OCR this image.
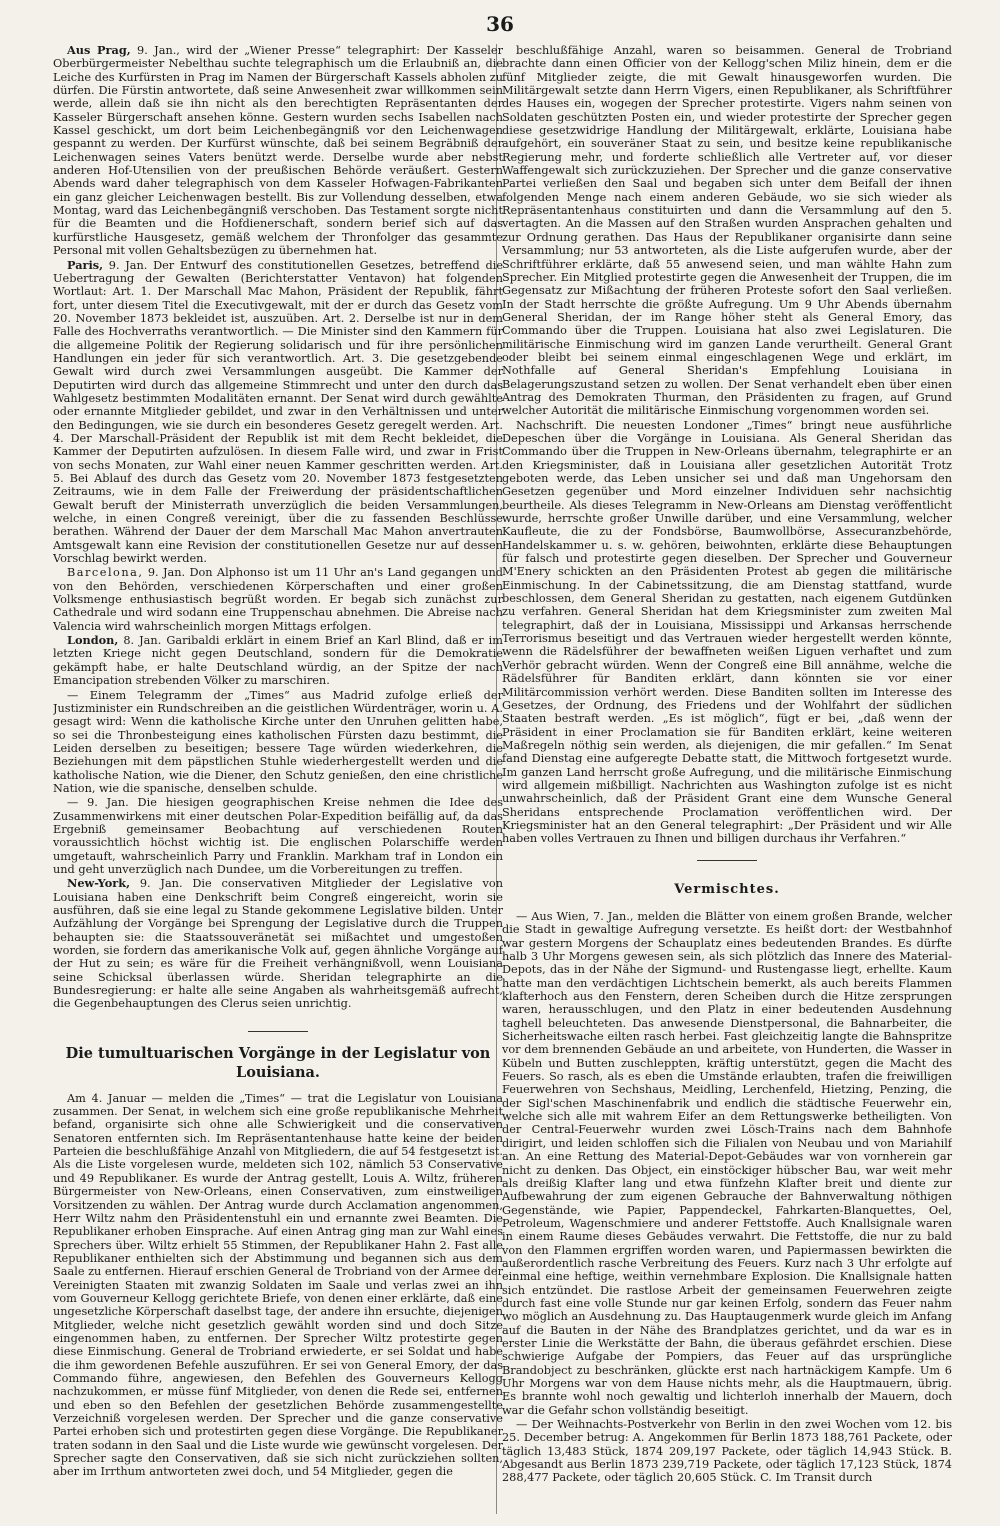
36

Aus Prag, 9. Jan., wird der „Wiener Presse“ telegraphirt: Der Kasseler Oberbürgermeister Nebelthau suchte telegraphisch um die Erlaubniß an, die Leiche des Kurfürsten in Prag im Namen der Bürgerschaft Kassels abholen zu dürfen. Die Fürstin antwortete, daß seine Anwesenheit zwar willkommen sein werde, allein daß sie ihn nicht als den berechtigten Repräsentanten der Kasseler Bürgerschaft ansehen könne. Gestern wurden sechs Isabellen nach Kassel geschickt, um dort beim Leichenbegängniß vor den Leichenwagen gespannt zu werden. Der Kurfürst wünschte, daß bei seinem Begräbniß der Leichenwagen seines Vaters benützt werde. Derselbe wurde aber nebst anderen Hof-Utensilien von der preußischen Behörde veräußert. Gestern Abends ward daher telegraphisch von dem Kasseler Hofwagen-Fabrikanten ein ganz gleicher Leichenwagen bestellt. Bis zur Vollendung desselben, etwa Montag, ward das Leichenbegängniß verschoben. Das Testament sorgte nicht für die Beamten und die Hofdienerschaft, sondern berief sich auf das kurfürstliche Hausgesetz, gemäß welchem der Thronfolger das gesammte Personal mit vollen Gehaltsbezügen zu übernehmen hat.

Paris, 9. Jan. Der Entwurf des constitutionellen Gesetzes, betreffend die Uebertragung der Gewalten (Berichterstatter Ventavon) hat folgenden Wortlaut: Art. 1. Der Marschall Mac Mahon, Präsident der Republik, fährt fort, unter diesem Titel die Executivgewalt, mit der er durch das Gesetz vom 20. November 1873 bekleidet ist, auszuüben. Art. 2. Derselbe ist nur in dem Falle des Hochverraths verantwortlich. — Die Minister sind den Kammern für die allgemeine Politik der Regierung solidarisch und für ihre persönlichen Handlungen ein jeder für sich verantwortlich. Art. 3. Die gesetzgebende Gewalt wird durch zwei Versammlungen ausgeübt. Die Kammer der Deputirten wird durch das allgemeine Stimmrecht und unter den durch das Wahlgesetz bestimmten Modalitäten ernannt. Der Senat wird durch gewählte oder ernannte Mitglieder gebildet, und zwar in den Verhältnissen und unter den Bedingungen, wie sie durch ein besonderes Gesetz geregelt werden. Art. 4. Der Marschall-Präsident der Republik ist mit dem Recht bekleidet, die Kammer der Deputirten aufzulösen. In diesem Falle wird, und zwar in Frist von sechs Monaten, zur Wahl einer neuen Kammer geschritten werden. Art. 5. Bei Ablauf des durch das Gesetz vom 20. November 1873 festgesetzten Zeitraums, wie in dem Falle der Freiwerdung der präsidentschaftlichen Gewalt beruft der Ministerrath unverzüglich die beiden Versammlungen, welche, in einen Congreß vereinigt, über die zu fassenden Beschlüsse berathen. Während der Dauer der dem Marschall Mac Mahon anvertrauten Amtsgewalt kann eine Revision der constitutionellen Gesetze nur auf dessen Vorschlag bewirkt werden.

Barcelona, 9. Jan. Don Alphonso ist um 11 Uhr an's Land gegangen und von den Behörden, verschiedenen Körperschaften und einer großen Volksmenge enthusiastisch begrüßt worden. Er begab sich zunächst zur Cathedrale und wird sodann eine Truppenschau abnehmen. Die Abreise nach Valencia wird wahrscheinlich morgen Mittags erfolgen.

London, 8. Jan. Garibaldi erklärt in einem Brief an Karl Blind, daß er im letzten Kriege nicht gegen Deutschland, sondern für die Demokratie gekämpft habe, er halte Deutschland würdig, an der Spitze der nach Emancipation strebenden Völker zu marschiren.

— Einem Telegramm der „Times“ aus Madrid zufolge erließ der Justizminister ein Rundschreiben an die geistlichen Würdenträger, worin u. A. gesagt wird: Wenn die katholische Kirche unter den Unruhen gelitten habe, so sei die Thronbesteigung eines katholischen Fürsten dazu bestimmt, die Leiden derselben zu beseitigen; bessere Tage würden wiederkehren, die Beziehungen mit dem päpstlichen Stuhle wiederhergestellt werden und die katholische Nation, wie die Diener, den Schutz genießen, den eine christliche Nation, wie die spanische, denselben schulde.

— 9. Jan. Die hiesigen geographischen Kreise nehmen die Idee des Zusammenwirkens mit einer deutschen Polar-Expedition beifällig auf, da das Ergebniß gemeinsamer Beobachtung auf verschiedenen Routen voraussichtlich höchst wichtig ist. Die englischen Polarschiffe werden umgetauft, wahrscheinlich Parry und Franklin. Markham traf in London ein und geht unverzüglich nach Dundee, um die Vorbereitungen zu treffen.

New-York, 9. Jan. Die conservativen Mitglieder der Legislative von Louisiana haben eine Denkschrift beim Congreß eingereicht, worin sie ausführen, daß sie eine legal zu Stande gekommene Legislative bilden. Unter Aufzählung der Vorgänge bei Sprengung der Legislative durch die Truppen behaupten sie: die Staatssouveränetät sei mißachtet und umgestoßen worden, sie fordern das amerikanische Volk auf, gegen ähnliche Vorgänge auf der Hut zu sein; es wäre für die Freiheit verhängnißvoll, wenn Louisiana seine Schicksal überlassen würde. Sheridan telegraphirte an die Bundesregierung: er halte alle seine Angaben als wahrheitsgemäß aufrecht, die Gegenbehauptungen des Clerus seien unrichtig.

Die tumultuarischen Vorgänge in der Legislatur von Louisiana.

Am 4. Januar — melden die „Times“ — trat die Legislatur von Louisiana zusammen. Der Senat, in welchem sich eine große republikanische Mehrheit befand, organisirte sich ohne alle Schwierigkeit und die conservativen Senatoren entfernten sich. Im Repräsentantenhause hatte keine der beiden Parteien die beschlußfähige Anzahl von Mitgliedern, die auf 54 festgesetzt ist. Als die Liste vorgelesen wurde, meldeten sich 102, nämlich 53 Conservative und 49 Republikaner. Es wurde der Antrag gestellt, Louis A. Wiltz, früheren Bürgermeister von New-Orleans, einen Conservativen, zum einstweiligen Vorsitzenden zu wählen. Der Antrag wurde durch Acclamation angenommen, Herr Wiltz nahm den Präsidentenstuhl ein und ernannte zwei Beamten. Die Republikaner erhoben Einsprache. Auf einen Antrag ging man zur Wahl eines Sprechers über. Wiltz erhielt 55 Stimmen, der Republikaner Hahn 2. Fast alle Republikaner enthielten sich der Abstimmung und begannen sich aus dem Saale zu entfernen. Hierauf erschien General de Trobriand von der Armee der Vereinigten Staaten mit zwanzig Soldaten im Saale und verlas zwei an ihn vom Gouverneur Kellogg gerichtete Briefe, von denen einer erklärte, daß eine ungesetzliche Körperschaft daselbst tage, der andere ihn ersuchte, diejenigen Mitglieder, welche nicht gesetzlich gewählt worden sind und doch Sitze eingenommen haben, zu entfernen. Der Sprecher Wiltz protestirte gegen diese Einmischung. General de Trobriand erwiederte, er sei Soldat und habe die ihm gewordenen Befehle auszuführen. Er sei von General Emory, der das Commando führe, angewiesen, den Befehlen des Gouverneurs Kellogg nachzukommen, er müsse fünf Mitglieder, von denen die Rede sei, entfernen und eben so den Befehlen der gesetzlichen Behörde zusammengestellte Verzeichniß vorgelesen werden. Der Sprecher und die ganze conservative Partei erhoben sich und protestirten gegen diese Vorgänge. Die Republikaner traten sodann in den Saal und die Liste wurde wie gewünscht vorgelesen. Der Sprecher sagte den Conservativen, daß sie sich nicht zurückziehen sollten, aber im Irrthum antworteten zwei doch, und 54 Mitglieder, gegen die

beschlußfähige Anzahl, waren so beisammen. General de Trobriand brachte dann einen Officier von der Kellogg'schen Miliz hinein, dem er die fünf Mitglieder zeigte, die mit Gewalt hinausgeworfen wurden. Die Militärgewalt setzte dann Herrn Vigers, einen Republikaner, als Schriftführer des Hauses ein, wogegen der Sprecher protestirte. Vigers nahm seinen von Soldaten geschützten Posten ein, und wieder protestirte der Sprecher gegen diese gesetzwidrige Handlung der Militärgewalt, erklärte, Louisiana habe aufgehört, ein souveräner Staat zu sein, und besitze keine republikanische Regierung mehr, und forderte schließlich alle Vertreter auf, vor dieser Waffengewalt sich zurückzuziehen. Der Sprecher und die ganze conservative Partei verließen den Saal und begaben sich unter dem Beifall der ihnen folgenden Menge nach einem anderen Gebäude, wo sie sich wieder als Repräsentantenhaus constituirten und dann die Versammlung auf den 5. vertagten. An die Massen auf den Straßen wurden Ansprachen gehalten und zur Ordnung gerathen. Das Haus der Republikaner organisirte dann seine Versammlung; nur 53 antworteten, als die Liste aufgerufen wurde, aber der Schriftführer erklärte, daß 55 anwesend seien, und man wählte Hahn zum Sprecher. Ein Mitglied protestirte gegen die Anwesenheit der Truppen, die im Gegensatz zur Mißachtung der früheren Proteste sofort den Saal verließen. In der Stadt herrschte die größte Aufregung. Um 9 Uhr Abends übernahm General Sheridan, der im Range höher steht als General Emory, das Commando über die Truppen. Louisiana hat also zwei Legislaturen. Die militärische Einmischung wird im ganzen Lande verurtheilt. General Grant oder bleibt bei seinem einmal eingeschlagenen Wege und erklärt, im Nothfalle auf General Sheridan's Empfehlung Louisiana in Belagerungszustand setzen zu wollen. Der Senat verhandelt eben über einen Antrag des Demokraten Thurman, den Präsidenten zu fragen, auf Grund welcher Autorität die militärische Einmischung vorgenommen worden sei.

Nachschrift. Die neuesten Londoner „Times“ bringt neue ausführliche Depeschen über die Vorgänge in Louisiana. Als General Sheridan das Commando über die Truppen in New-Orleans übernahm, telegraphirte er an den Kriegsminister, daß in Louisiana aller gesetzlichen Autorität Trotz geboten werde, das Leben unsicher sei und daß man Ungehorsam den Gesetzen gegenüber und Mord einzelner Individuen sehr nachsichtig beurtheile. Als dieses Telegramm in New-Orleans am Dienstag veröffentlicht wurde, herrschte großer Unwille darüber, und eine Versammlung, welcher Kaufleute, die zu der Fondsbörse, Baumwollbörse, Assecuranzbehörde, Handelskammer u. s. w. gehören, beiwohnten, erklärte diese Behauptungen für falsch und protestirte gegen dieselben. Der Sprecher und Gouverneur M'Enery schickten an den Präsidenten Protest ab gegen die militärische Einmischung. In der Cabinetssitzung, die am Dienstag stattfand, wurde beschlossen, dem General Sheridan zu gestatten, nach eigenem Gutdünken zu verfahren. General Sheridan hat dem Kriegsminister zum zweiten Mal telegraphirt, daß der in Louisiana, Mississippi und Arkansas herrschende Terrorismus beseitigt und das Vertrauen wieder hergestellt werden könnte, wenn die Rädelsführer der bewaffneten weißen Liguen verhaftet und zum Verhör gebracht würden. Wenn der Congreß eine Bill annähme, welche die Rädelsführer für Banditen erklärt, dann könnten sie vor einer Militärcommission verhört werden. Diese Banditen sollten im Interesse des Gesetzes, der Ordnung, des Friedens und der Wohlfahrt der südlichen Staaten bestraft werden. „Es ist möglich“, fügt er bei, „daß wenn der Präsident in einer Proclamation sie für Banditen erklärt, keine weiteren Maßregeln nöthig sein werden, als diejenigen, die mir gefallen.“ Im Senat fand Dienstag eine aufgeregte Debatte statt, die Mittwoch fortgesetzt wurde. Im ganzen Land herrscht große Aufregung, und die militärische Einmischung wird allgemein mißbilligt. Nachrichten aus Washington zufolge ist es nicht unwahrscheinlich, daß der Präsident Grant eine dem Wunsche General Sheridans entsprechende Proclamation veröffentlichen wird. Der Kriegsminister hat an den General telegraphirt: „Der Präsident und wir Alle haben volles Vertrauen zu Ihnen und billigen durchaus ihr Verfahren.“

Vermischtes.

— Aus Wien, 7. Jan., melden die Blätter von einem großen Brande, welcher die Stadt in gewaltige Aufregung versetzte. Es heißt dort: der Westbahnhof war gestern Morgens der Schauplatz eines bedeutenden Brandes. Es dürfte halb 3 Uhr Morgens gewesen sein, als sich plötzlich das Innere des Material-Depots, das in der Nähe der Sigmund- und Rustengasse liegt, erhellte. Kaum hatte man den verdächtigen Lichtschein bemerkt, als auch bereits Flammen klafterhoch aus den Fenstern, deren Scheiben durch die Hitze zersprungen waren, herausschlugen, und den Platz in einer bedeutenden Ausdehnung taghell beleuchteten. Das anwesende Dienstpersonal, die Bahnarbeiter, die Sicherheitswache eilten rasch herbei. Fast gleichzeitig langte die Bahnspritze vor dem brennenden Gebäude an und arbeitete, von Hunderten, die Wasser in Kübeln und Butten zuschleppten, kräftig unterstützt, gegen die Macht des Feuers. So rasch, als es eben die Umstände erlaubten, trafen die freiwilligen Feuerwehren von Sechshaus, Meidling, Lerchenfeld, Hietzing, Penzing, die der Sigl'schen Maschinenfabrik und endlich die städtische Feuerwehr ein, welche sich alle mit wahrem Eifer an dem Rettungswerke betheiligten. Von der Central-Feuerwehr wurden zwei Lösch-Trains nach dem Bahnhofe dirigirt, und leiden schloffen sich die Filialen von Neubau und von Mariahilf an. An eine Rettung des Material-Depot-Gebäudes war von vornherein gar nicht zu denken. Das Object, ein einstöckiger hübscher Bau, war weit mehr als dreißig Klafter lang und etwa fünfzehn Klafter breit und diente zur Aufbewahrung der zum eigenen Gebrauche der Bahnverwaltung nöthigen Gegenstände, wie Papier, Pappendeckel, Fahrkarten-Blanquettes, Oel, Petroleum, Wagenschmiere und anderer Fettstoffe. Auch Knallsignale waren in einem Raume dieses Gebäudes verwahrt. Die Fettstoffe, die nur zu bald von den Flammen ergriffen worden waren, und Papiermassen bewirkten die außerordentlich rasche Verbreitung des Feuers. Kurz nach 3 Uhr erfolgte auf einmal eine heftige, weithin vernehmbare Explosion. Die Knallsignale hatten sich entzündet. Die rastlose Arbeit der gemeinsamen Feuerwehren zeigte durch fast eine volle Stunde nur gar keinen Erfolg, sondern das Feuer nahm wo möglich an Ausdehnung zu. Das Hauptaugenmerk wurde gleich im Anfang auf die Bauten in der Nähe des Brandplatzes gerichtet, und da war es in erster Linie die Werkstätte der Bahn, die überaus gefährdet erschien. Diese schwierige Aufgabe der Pompiers, das Feuer auf das ursprüngliche Brandobject zu beschränken, glückte erst nach hartnäckigem Kampfe. Um 6 Uhr Morgens war von dem Hause nichts mehr, als die Hauptmauern, übrig. Es brannte wohl noch gewaltig und lichterloh innerhalb der Mauern, doch war die Gefahr schon vollständig beseitigt.

— Der Weihnachts-Postverkehr von Berlin in den zwei Wochen vom 12. bis 25. December betrug: A. Angekommen für Berlin 1873 188,761 Packete, oder täglich 13,483 Stück, 1874 209,197 Packete, oder täglich 14,943 Stück. B. Abgesandt aus Berlin 1873 239,719 Packete, oder täglich 17,123 Stück, 1874 288,477 Packete, oder täglich 20,605 Stück. C. Im Transit durch
